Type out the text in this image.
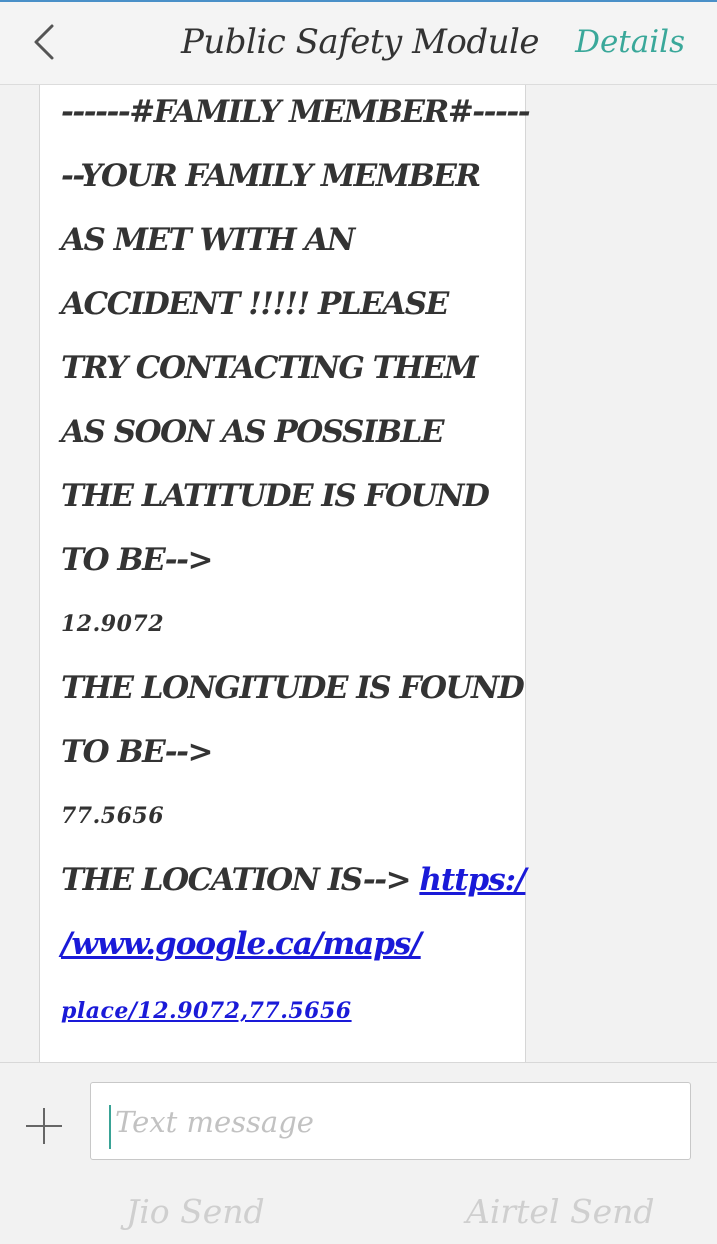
Public Safety Module	Details
------#FAMILY MEMBER#-----
--YOUR FAMILY MEMBER
AS MET WITH AN
ACCIDENT !!!!! PLEASE
TRY CONTACTING THEM
AS SOON AS POSSIBLE
THE LATITUDE IS FOUND
TO BE-->
12.9072
THE LONGITUDE IS FOUND
TO BE-->
77.5656
THE LOCATION IS--> https:/
/www.google.ca/maps/
place/12.9072,77.5656
Text message
Jio Send	Airtel Send
